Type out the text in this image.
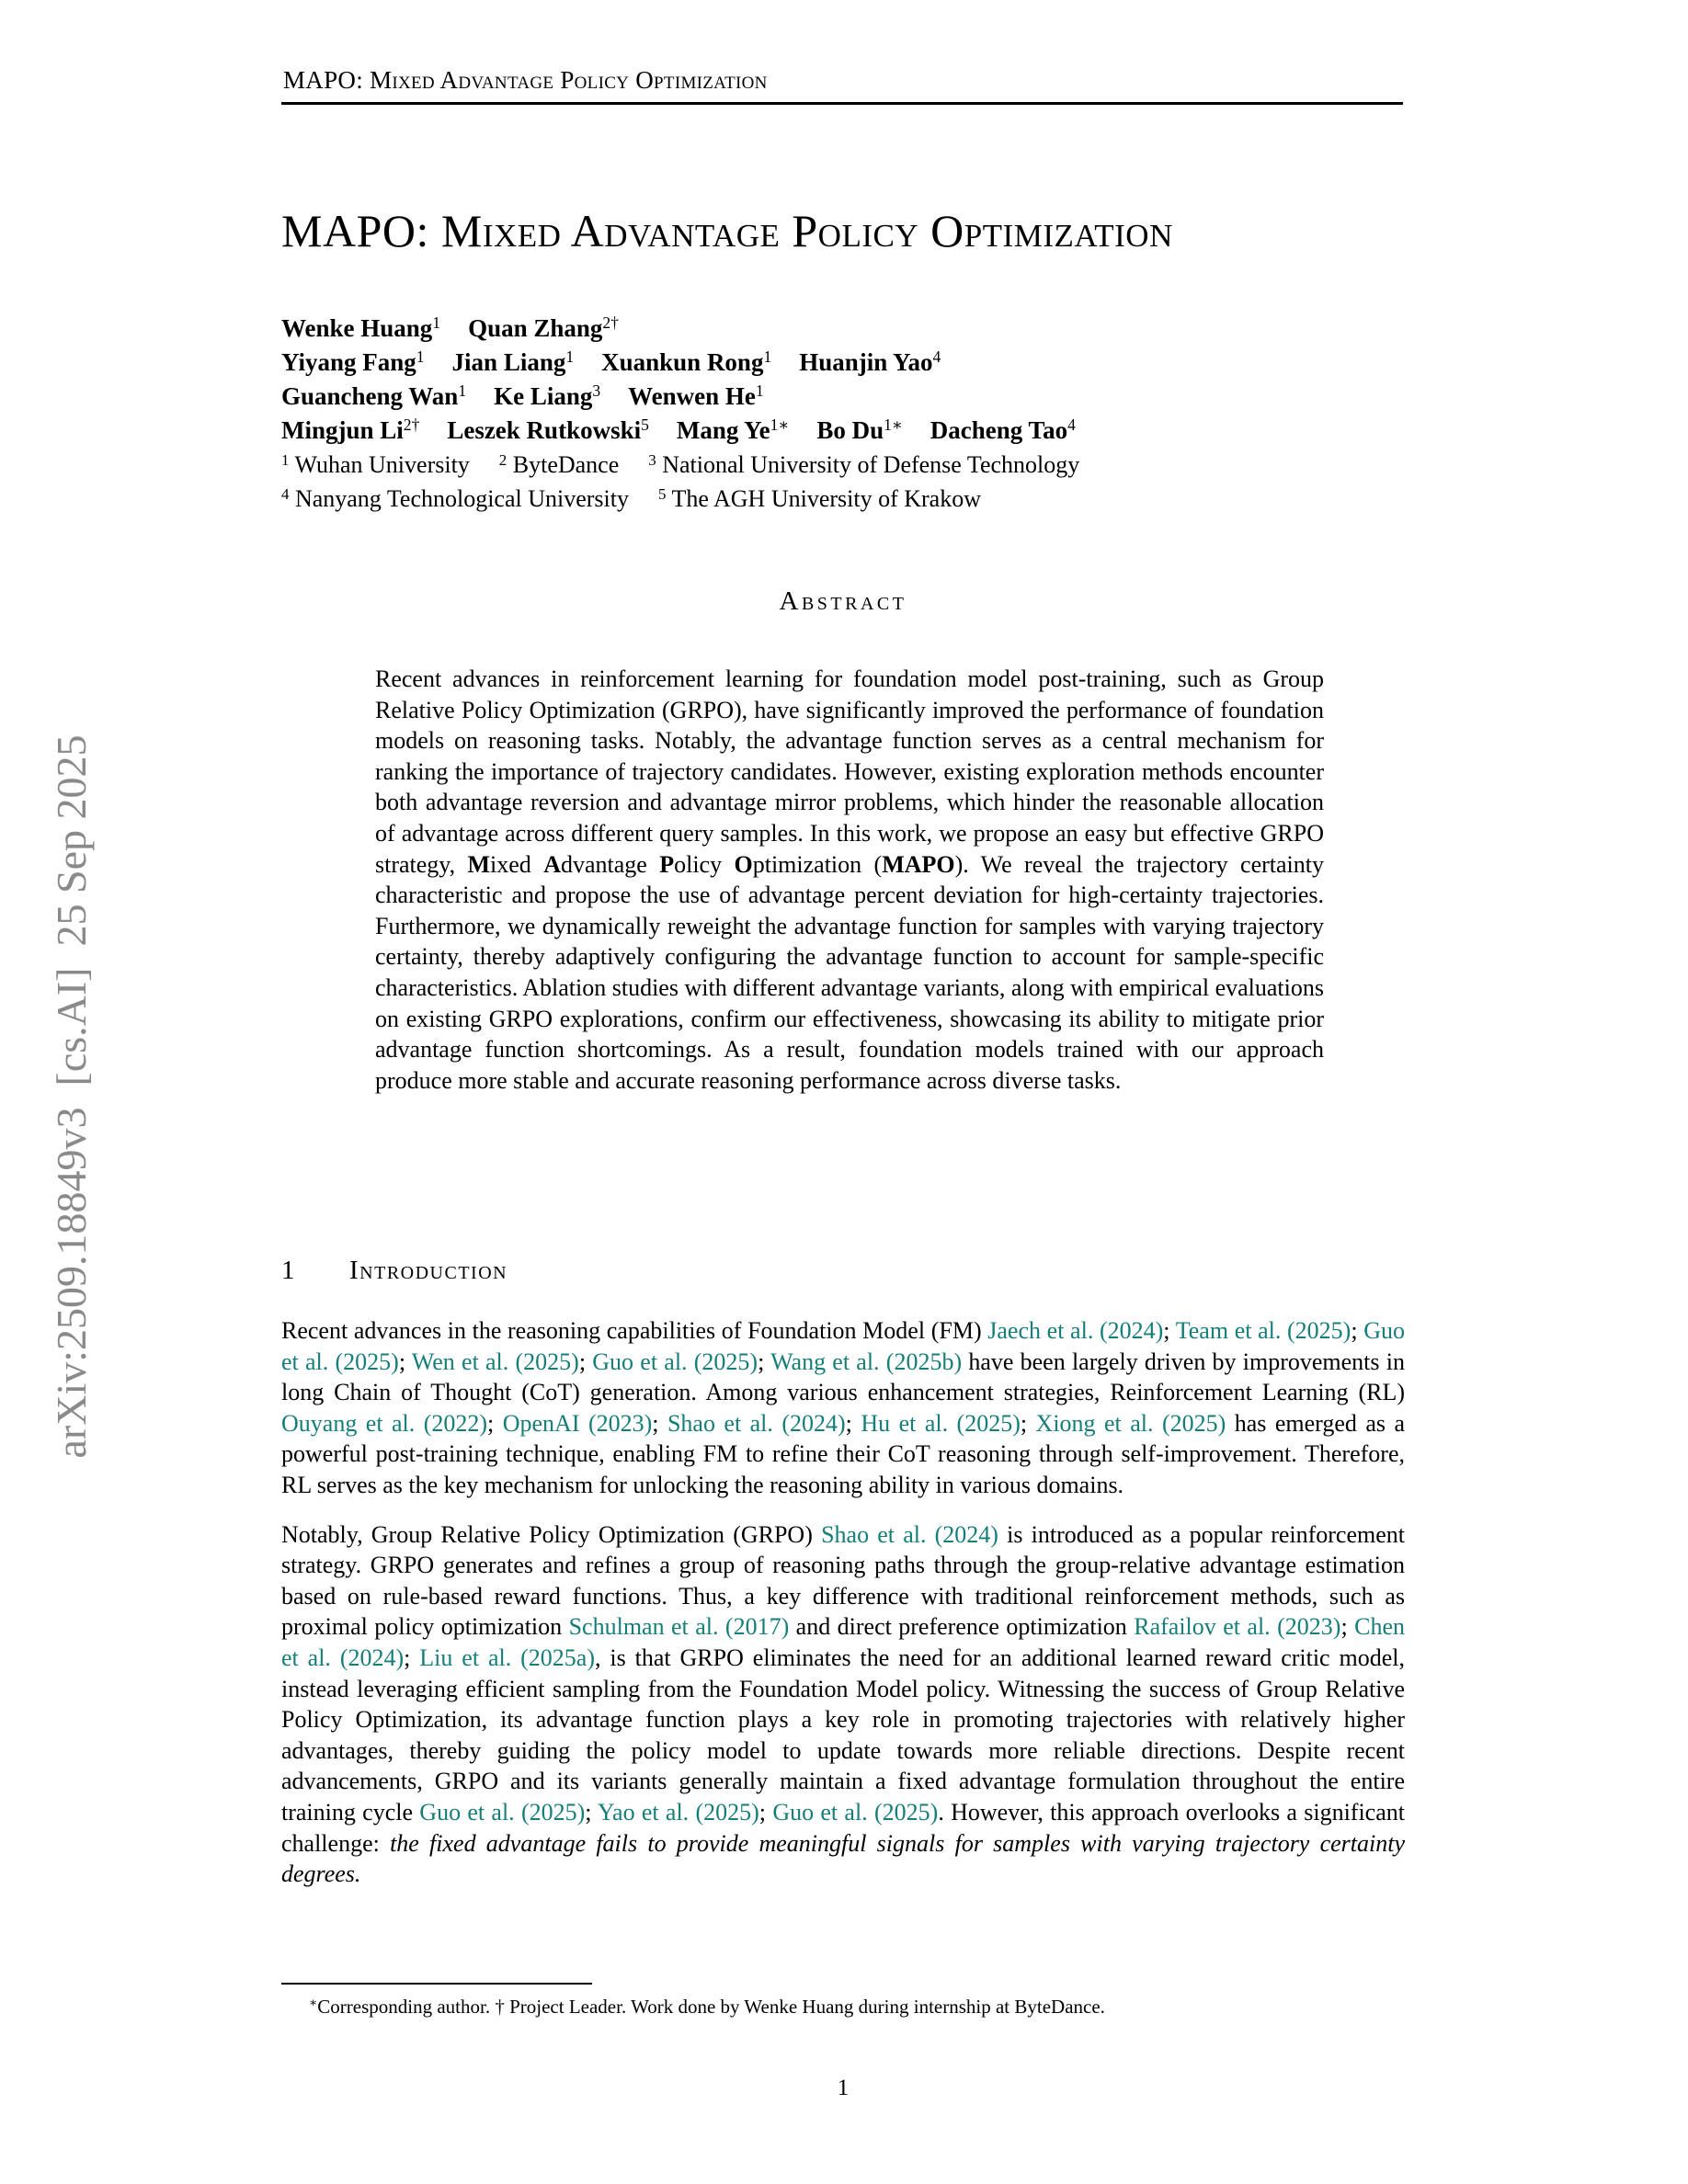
MAPO: Mixed Advantage Policy Optimization
MAPO: Mixed Advantage Policy Optimization
Wenke Huang$^1$ Quan Zhang$^{2\dagger}$
Yiyang Fang$^1$ Jian Liang$^1$ Xuankun Rong$^1$ Huanjin Yao$^4$
Guancheng Wan$^1$ Ke Liang$^3$ Wenwen He$^1$
Mingjun $Li^{2\dagger}$ Leszek Rutkowski$^5$ Mang $Ye^{1∗}$ Bo $Du^{1∗}$ Dacheng Tao$^4$
$^1$ Wuhan University $^2$ ByteDance $^3$ National University of Defense Technology
$^4$ Nanyang Technological University $^5$ The AGH University of Krakow
Abstract
Recent advances in reinforcement learning for foundation model post-training, such as Group Relative Policy Optimization (GRPO), have significantly improved the performance of foundation models on reasoning tasks. Notably, the advantage function serves as a central mechanism for ranking the importance of trajectory candidates. However, existing exploration methods encounter both advantage reversion and advantage mirror problems, which hinder the reasonable allocation of advantage across different query samples. In this work, we propose an easy but effective GRPO strategy, Mixed Advantage Policy Optimization (MAPO). We reveal the trajectory certainty characteristic and propose the use of advantage percent deviation for high-certainty trajectories. Furthermore, we dynamically reweight the advantage function for samples with varying trajectory certainty, thereby adaptively configuring the advantage function to account for sample-specific characteristics. Ablation studies with different advantage variants, along with empirical evaluations on existing GRPO explorations, confirm our effectiveness, showcasing its ability to mitigate prior advantage function shortcomings. As a result, foundation models trained with our approach produce more stable and accurate reasoning performance across diverse tasks.
1 Introduction

Recent advances in the reasoning capabilities of Foundation Model (FM) Jaech et al. (2024); Team et al. (2025); Guo et al. (2025); Wen et al. (2025); Guo et al. (2025); Wang et al. (2025b) have been largely driven by improvements in long Chain of Thought (CoT) generation. Among various enhancement strategies, Reinforcement Learning (RL) Ouyang et al. (2022); OpenAI (2023); Shao et al. (2024); Hu et al. (2025); Xiong et al. (2025) has emerged as a powerful post-training technique, enabling FM to refine their CoT reasoning through self-improvement. Therefore, RL serves as the key mechanism for unlocking the reasoning ability in various domains.

Notably, Group Relative Policy Optimization (GRPO) Shao et al. (2024) is introduced as a popular reinforcement strategy. GRPO generates and refines a group of reasoning paths through the group-relative advantage estimation based on rule-based reward functions. Thus, a key difference with traditional reinforcement methods, such as proximal policy optimization Schulman et al. (2017) and direct preference optimization Rafailov et al. (2023); Chen et al. (2024); Liu et al. (2025a), is that GRPO eliminates the need for an additional learned reward critic model, instead leveraging efficient sampling from the Foundation Model policy. Witnessing the success of Group Relative Policy Optimization, its advantage function plays a key role in promoting trajectories with relatively higher advantages, thereby guiding the policy model to update towards more reliable directions. Despite recent advancements, GRPO and its variants generally maintain a fixed advantage formulation throughout the entire training cycle Guo et al. (2025); Yao et al. (2025); Guo et al. (2025). However, this approach overlooks a significant challenge: the fixed advantage fails to provide meaningful signals for samples with varying trajectory certainty degrees.

∗Corresponding author. † Project Leader. Work done by Wenke Huang during internship at ByteDance.
1
arXiv:2509.18849v3  [cs.AI]  25 Sep 2025
